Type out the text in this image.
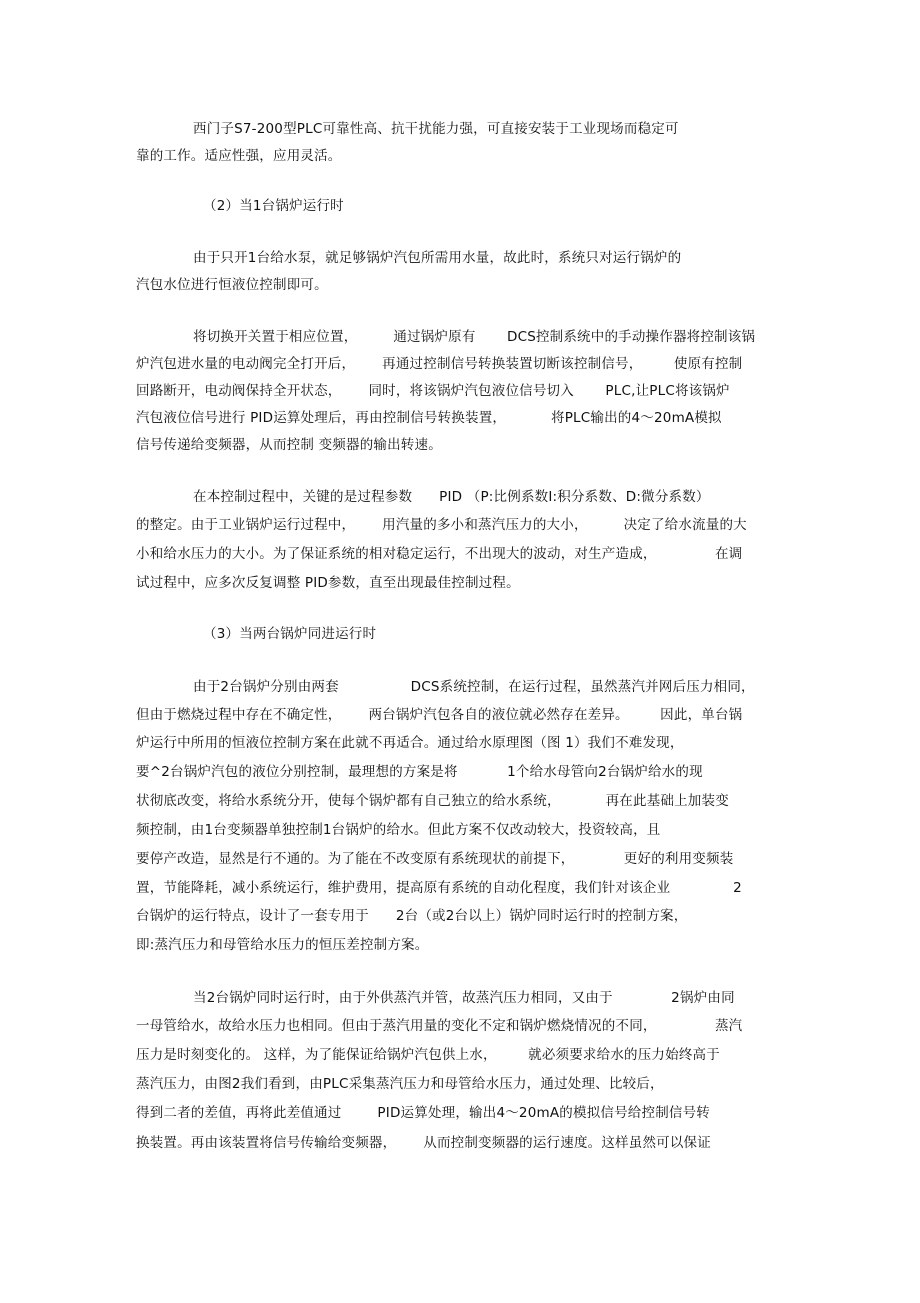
西门子S7-200型PLC可靠性高、抗干扰能力强，可直接安装于工业现场而稳定可
靠的工作。适应性强，应用灵活。
（2）当1台锅炉运行时
由于只开1台给水泵，就足够锅炉汽包所需用水量，故此时，系统只对运行锅炉的
汽包水位进行恒液位控制即可。
将切换开关置于相应位置，        通过锅炉原有       DCS控制系统中的手动操作器将控制该锅
炉汽包进水量的电动阀完全打开后，      再通过控制信号转换装置切断该控制信号，       使原有控制
回路断开，电动阀保持全开状态，      同时，将该锅炉汽包液位信号切入       PLC,让PLC将该锅炉
汽包液位信号进行 PID运算处理后，再由控制信号转换装置，          将PLC输出的4～20mA模拟
信号传递给变频器，从而控制 变频器的输出转速。
在本控制过程中，关键的是过程参数      PID （P:比例系数I:积分系数、D:微分系数）
的整定。由于工业锅炉运行过程中，      用汽量的多小和蒸汽压力的大小，        决定了给水流量的大
小和给水压力的大小。为了保证系统的相对稳定运行，不出现大的波动，对生产造成，             在调
试过程中，应多次反复调整 PID参数，直至出现最佳控制过程。
（3）当两台锅炉同进运行时
由于2台锅炉分别由两套                DCS系统控制，在运行过程，虽然蒸汽并网后压力相同，
但由于燃烧过程中存在不确定性，      两台锅炉汽包各自的液位就必然存在差异。       因此，单台锅
炉运行中所用的恒液位控制方案在此就不再适合。通过给水原理图（图 1）我们不难发现，
要^2台锅炉汽包的液位分别控制，最理想的方案是将           1个给水母管向2台锅炉给水的现
状彻底改变，将给水系统分开，使每个锅炉都有自己独立的给水系统，          再在此基础上加装变
频控制，由1台变频器单独控制1台锅炉的给水。但此方案不仅改动较大，投资较高，且
要停产改造，显然是行不通的。为了能在不改变原有系统现状的前提下，           更好的利用变频装
置，节能降耗，减小系统运行，维护费用，提高原有系统的自动化程度，我们针对该企业              2
台锅炉的运行特点，设计了一套专用于      2台（或2台以上）锅炉同时运行时的控制方案，
即:蒸汽压力和母管给水压力的恒压差控制方案。
当2台锅炉同时运行时，由于外供蒸汽并管，故蒸汽压力相同，又由于             2锅炉由同
一母管给水，故给水压力也相同。但由于蒸汽用量的变化不定和锅炉燃烧情况的不同，             蒸汽
压力是时刻变化的。 这样，为了能保证给锅炉汽包供上水，       就必须要求给水的压力始终高于
蒸汽压力，由图2我们看到，由PLC采集蒸汽压力和母管给水压力，通过处理、比较后，
得到二者的差值，再将此差值通过        PID运算处理，输出4～20mA的模拟信号给控制信号转
换装置。再由该装置将信号传输给变频器，      从而控制变频器的运行速度。这样虽然可以保证
